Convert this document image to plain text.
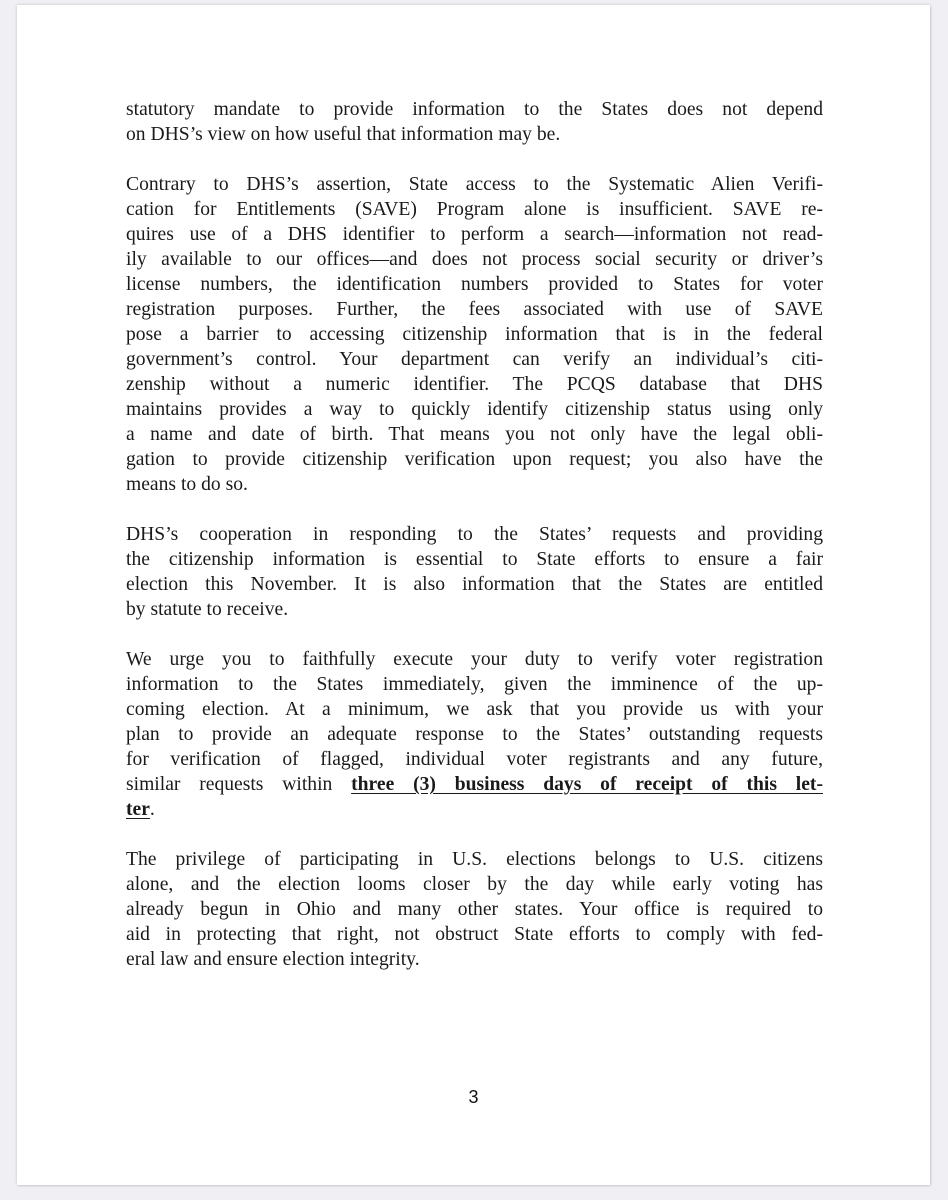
statutory mandate to provide information to the States does not depend
on DHS’s view on how useful that information may be.

Contrary to DHS’s assertion, State access to the Systematic Alien Verifi-
cation for Entitlements (SAVE) Program alone is insufficient. SAVE re-
quires use of a DHS identifier to perform a search—information not read-
ily available to our offices—and does not process social security or driver’s
license numbers, the identification numbers provided to States for voter
registration purposes. Further, the fees associated with use of SAVE
pose a barrier to accessing citizenship information that is in the federal
government’s control. Your department can verify an individual’s citi-
zenship without a numeric identifier. The PCQS database that DHS
maintains provides a way to quickly identify citizenship status using only
a name and date of birth. That means you not only have the legal obli-
gation to provide citizenship verification upon request; you also have the
means to do so.

DHS’s cooperation in responding to the States’ requests and providing
the citizenship information is essential to State efforts to ensure a fair
election this November. It is also information that the States are entitled
by statute to receive.

We urge you to faithfully execute your duty to verify voter registration
information to the States immediately, given the imminence of the up-
coming election. At a minimum, we ask that you provide us with your
plan to provide an adequate response to the States’ outstanding requests
for verification of flagged, individual voter registrants and any future,
similar requests within three (3) business days of receipt of this let-
ter.

The privilege of participating in U.S. elections belongs to U.S. citizens
alone, and the election looms closer by the day while early voting has
already begun in Ohio and many other states. Your office is required to
aid in protecting that right, not obstruct State efforts to comply with fed-
eral law and ensure election integrity.

3
